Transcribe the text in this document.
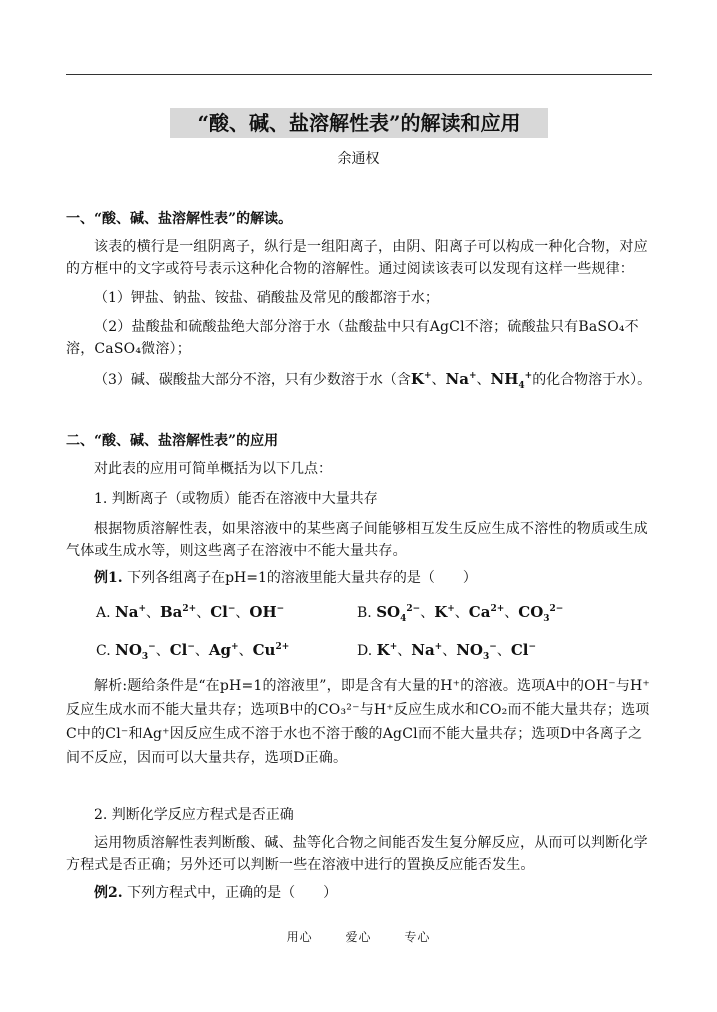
“酸、碱、盐溶解性表”的解读和应用
余通权
一、“酸、碱、盐溶解性表”的解读。
该表的横行是一组阴离子，纵行是一组阳离子，由阴、阳离子可以构成一种化合物，对应的方框中的文字或符号表示这种化合物的溶解性。通过阅读该表可以发现有这样一些规律：
（1）钾盐、钠盐、铵盐、硝酸盐及常见的酸都溶于水；
（2）盐酸盐和硫酸盐绝大部分溶于水（盐酸盐中只有AgCl不溶；硫酸盐只有BaSO₄不溶，CaSO₄微溶）；
（3）碱、碳酸盐大部分不溶，只有少数溶于水（含K+、Na+、$NH_4^+$的化合物溶于水）。
二、“酸、碱、盐溶解性表”的应用
对此表的应用可简单概括为以下几点：
1. 判断离子（或物质）能否在溶液中大量共存
根据物质溶解性表，如果溶液中的某些离子间能够相互发生反应生成不溶性的物质或生成气体或生成水等，则这些离子在溶液中不能大量共存。
例1. 下列各组离子在pH=1的溶液里能大量共存的是（　　）
A. Na+、$Ba^{2+}$、Cl−、OH−	B. $SO_4^{2-}$、K+、$Ca^{2+}$、$CO_3^{2-}$
C. $NO_3^-$、Cl−、Ag+、$Cu^{2+}$	D. K+、Na+、$NO_3^-$、Cl−
解析:题给条件是“在pH=1的溶液里”，即是含有大量的H⁺的溶液。选项A中的OH⁻与H⁺反应生成水而不能大量共存；选项B中的CO₃²⁻与H⁺反应生成水和CO₂而不能大量共存；选项C中的Cl⁻和Ag⁺因反应生成不溶于水也不溶于酸的AgCl而不能大量共存；选项D中各离子之间不反应，因而可以大量共存，选项D正确。
2. 判断化学反应方程式是否正确
运用物质溶解性表判断酸、碱、盐等化合物之间能否发生复分解反应，从而可以判断化学方程式是否正确；另外还可以判断一些在溶液中进行的置换反应能否发生。
例2. 下列方程式中，正确的是（　　）
用心	爱心	专心
